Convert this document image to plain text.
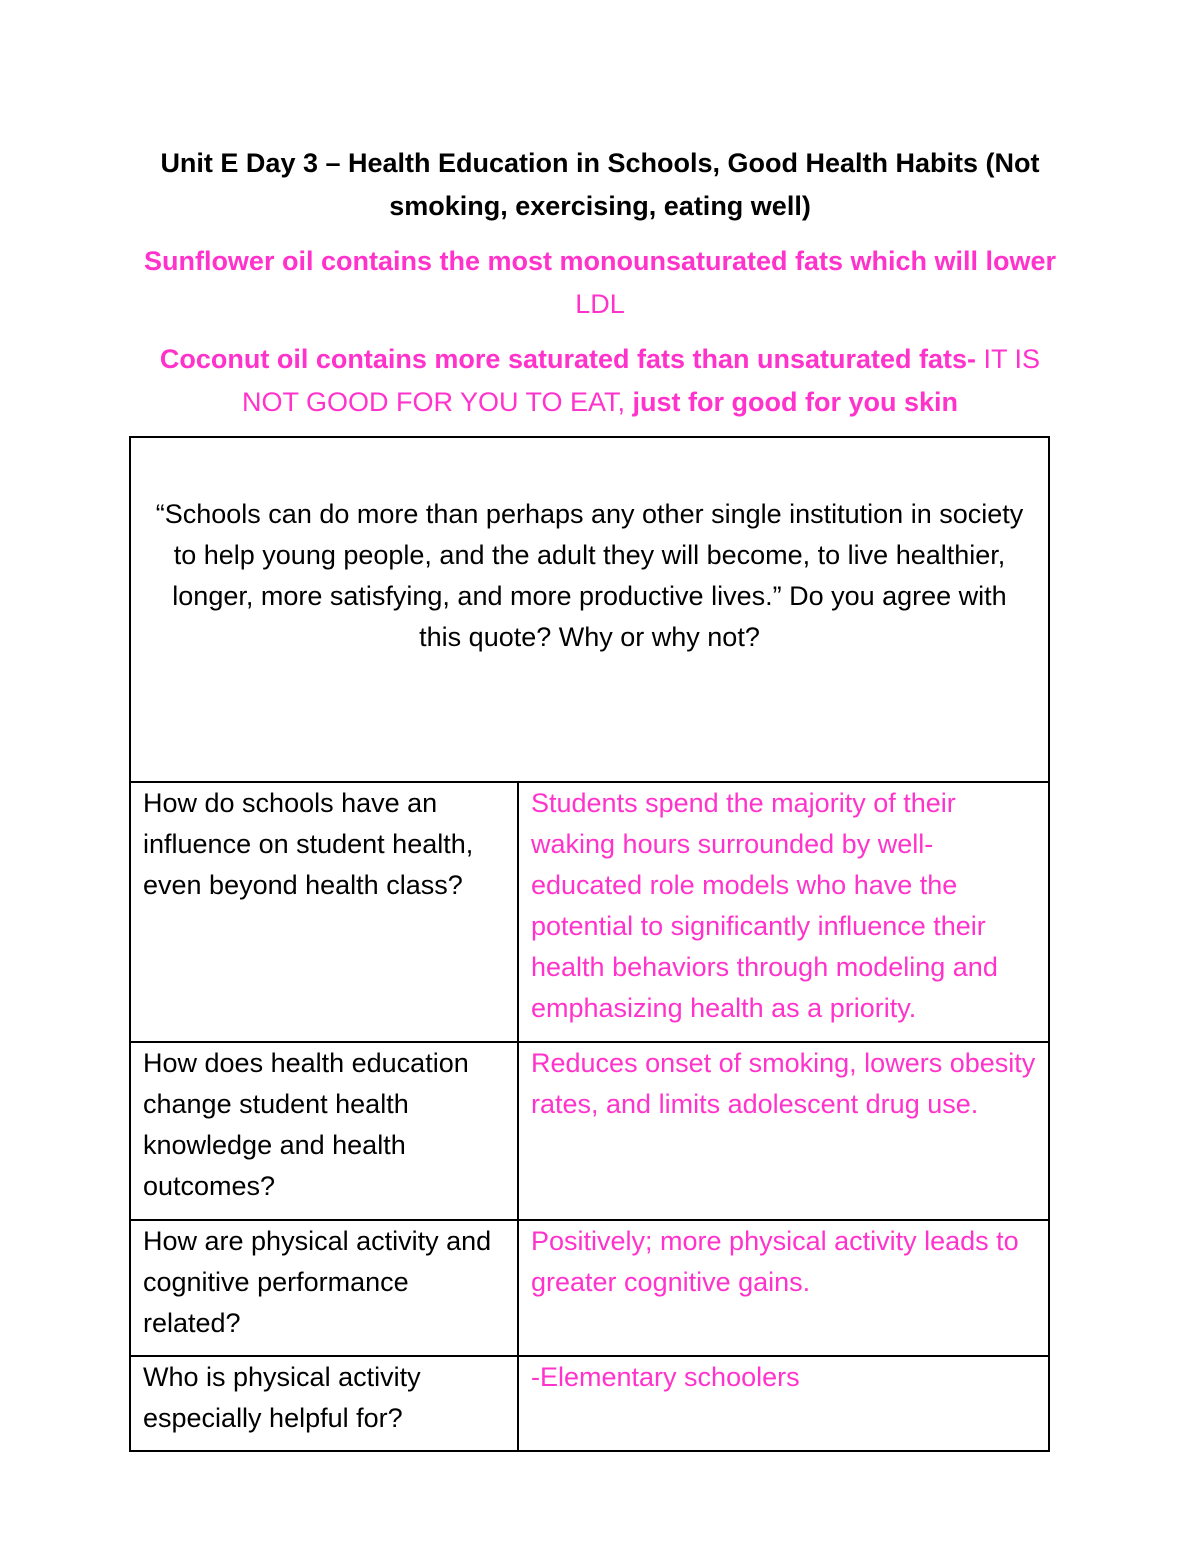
Unit E Day 3 – Health Education in Schools, Good Health Habits (Not smoking, exercising, eating well)

Sunflower oil contains the most monounsaturated fats which will lower LDL

Coconut oil contains more saturated fats than unsaturated fats- IT IS NOT GOOD FOR YOU TO EAT, just for good for you skin

“Schools can do more than perhaps any other single institution in society to help young people, and the adult they will become, to live healthier, longer, more satisfying, and more productive lives.” Do you agree with this quote? Why or why not?	
How do schools have an influence on student health, even beyond health class?	Students spend the majority of their waking hours surrounded by well-educated role models who have the potential to significantly influence their health behaviors through modeling and emphasizing health as a priority.
How does health education change student health knowledge and health outcomes?	Reduces onset of smoking, lowers obesity rates, and limits adolescent drug use.
How are physical activity and cognitive performance related?	Positively; more physical activity leads to greater cognitive gains.
Who is physical activity especially helpful for?	-Elementary schoolers
